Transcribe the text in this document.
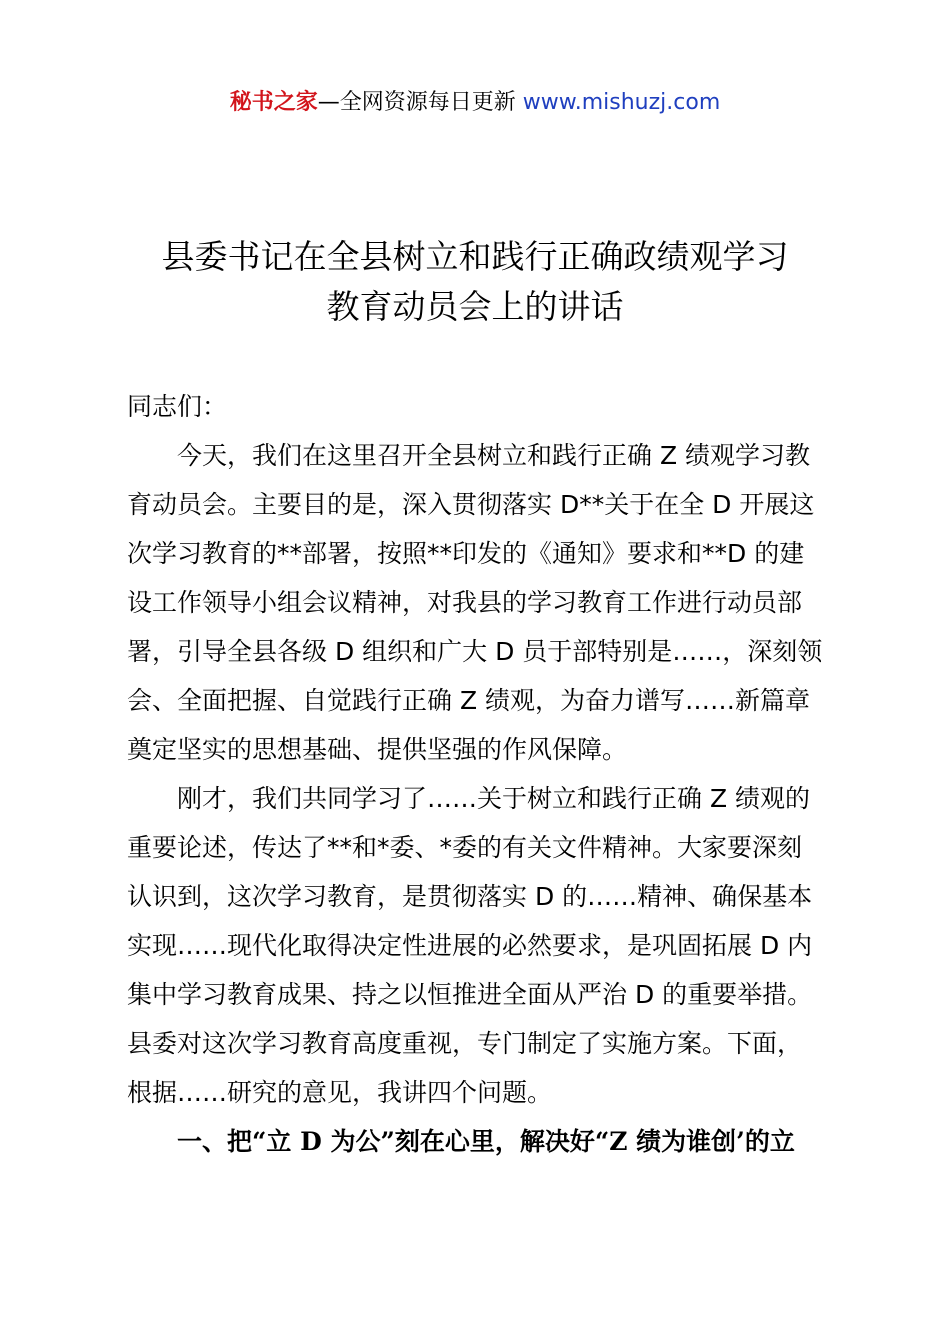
秘书之家—全网资源每日更新 www.mishuzj.com
县委书记在全县树立和践行正确政绩观学习
教育动员会上的讲话

同志们：

今天，我们在这里召开全县树立和践行正确 Z 绩观学习教
育动员会。主要目的是，深入贯彻落实 D**关于在全 D 开展这
次学习教育的**部署，按照**印发的《通知》要求和**D 的建
设工作领导小组会议精神，对我县的学习教育工作进行动员部
署，引导全县各级 D 组织和广大 D 员于部特别是……，深刻领
会、全面把握、自觉践行正确 Z 绩观，为奋力谱写……新篇章
奠定坚实的思想基础、提供坚强的作风保障。

刚才，我们共同学习了……关于树立和践行正确 Z 绩观的
重要论述，传达了**和*委、*委的有关文件精神。大家要深刻
认识到，这次学习教育，是贯彻落实 D 的……精神、确保基本
实现……现代化取得决定性进展的必然要求，是巩固拓展 D 内
集中学习教育成果、持之以恒推进全面从严治 D 的重要举措。
县委对这次学习教育高度重视，专门制定了实施方案。下面，
根据……研究的意见，我讲四个问题。

一、把“立 D 为公”刻在心里，解决好“Z 绩为谁创’的立
